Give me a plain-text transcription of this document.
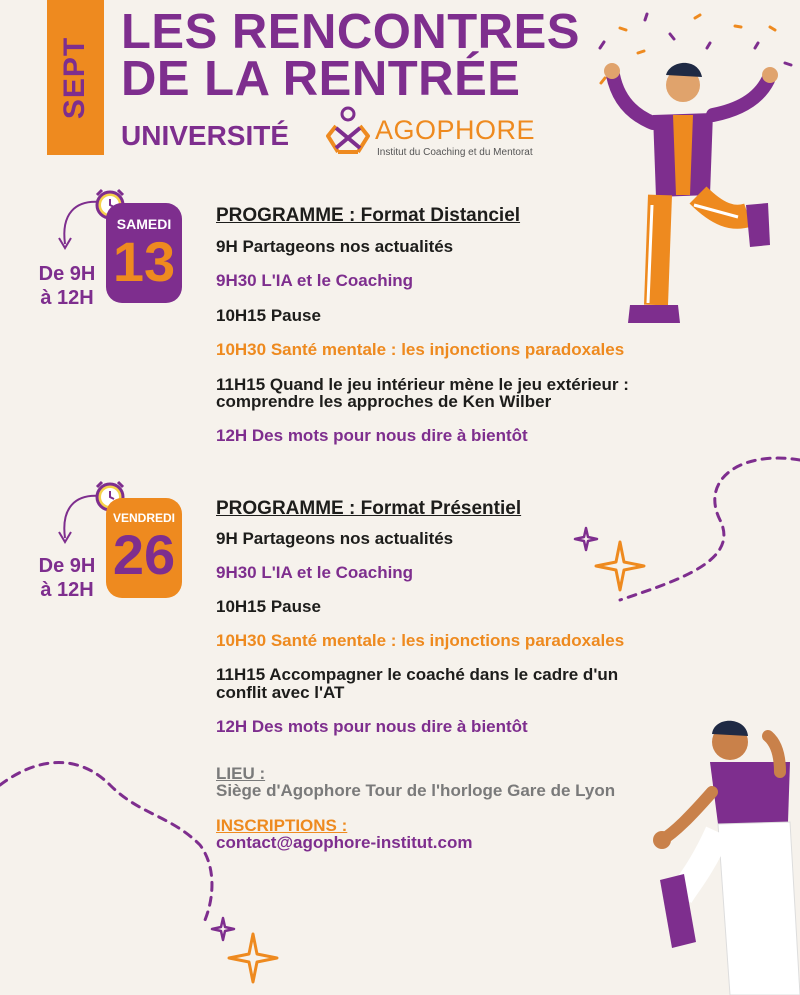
SEPT
LES RENCONTRES
DE LA RENTRÉE
UNIVERSITÉ	AGOPHORE
Institut du Coaching et du Mentorat
SAMEDI
13
De 9H
à 12H
PROGRAMME : Format Distanciel
9H Partageons nos actualités
9H30 L'IA et le Coaching
10H15 Pause
10H30 Santé mentale : les injonctions paradoxales
11H15 Quand le jeu intérieur mène le jeu extérieur :
comprendre les approches de Ken Wilber
12H Des mots pour nous dire à bientôt
VENDREDI
26
De 9H
à 12H
PROGRAMME : Format Présentiel
9H Partageons nos actualités
9H30 L'IA et le Coaching
10H15 Pause
10H30 Santé mentale : les injonctions paradoxales
11H15 Accompagner le coaché dans le cadre d'un
conflit avec l'AT
12H Des mots pour nous dire à bientôt
LIEU :
Siège d'Agophore Tour de l'horloge Gare de Lyon
INSCRIPTIONS :
contact@agophore-institut.com
